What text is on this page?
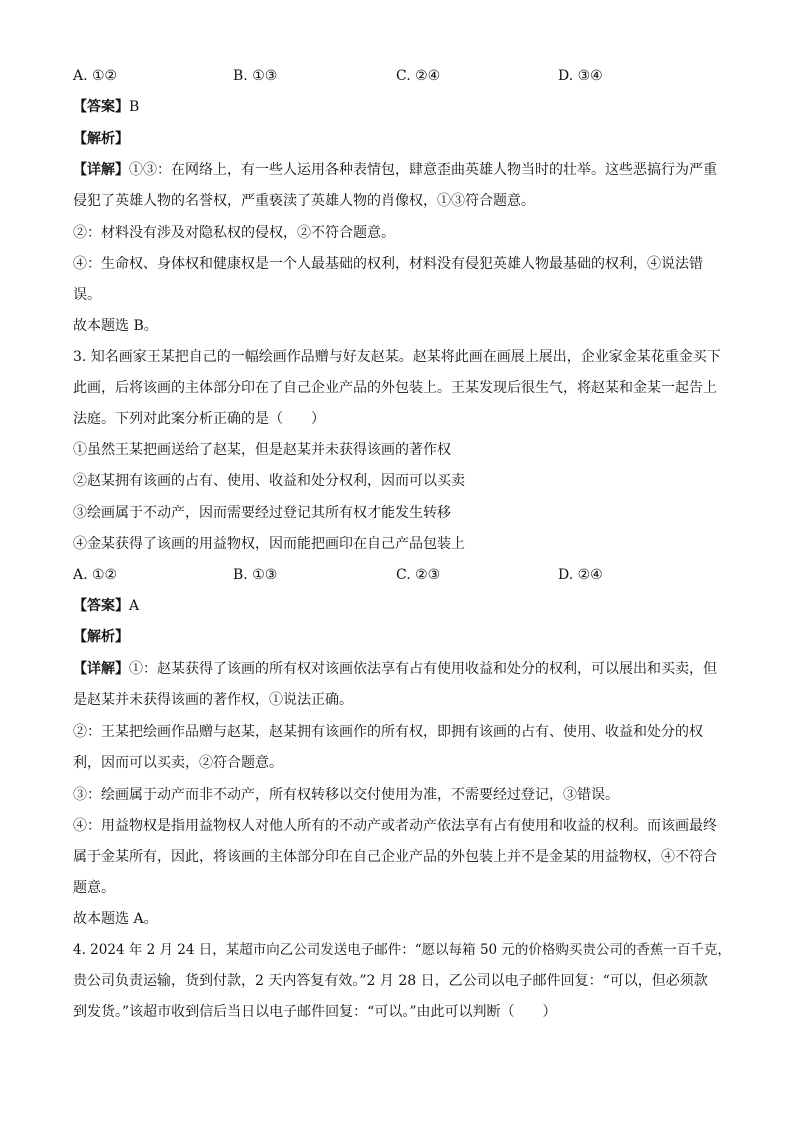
A. ①②	B. ①③	C. ②④	D. ③④
【答案】B
【解析】
【详解】①③：在网络上，有一些人运用各种表情包，肆意歪曲英雄人物当时的壮举。这些恶搞行为严重
侵犯了英雄人物的名誉权，严重亵渎了英雄人物的肖像权，①③符合题意。
②：材料没有涉及对隐私权的侵权，②不符合题意。
④：生命权、身体权和健康权是一个人最基础的权利，材料没有侵犯英雄人物最基础的权利，④说法错
误。
故本题选 B。
3. 知名画家王某把自己的一幅绘画作品赠与好友赵某。赵某将此画在画展上展出，企业家金某花重金买下
此画，后将该画的主体部分印在了自己企业产品的外包装上。王某发现后很生气，将赵某和金某一起告上
法庭。下列对此案分析正确的是（　　）
①虽然王某把画送给了赵某，但是赵某并未获得该画的著作权
②赵某拥有该画的占有、使用、收益和处分权利，因而可以买卖
③绘画属于不动产，因而需要经过登记其所有权才能发生转移
④金某获得了该画的用益物权，因而能把画印在自己产品包装上
A. ①②	B. ①③	C. ②③	D. ②④
【答案】A
【解析】
【详解】①：赵某获得了该画的所有权对该画依法享有占有使用收益和处分的权利，可以展出和买卖，但
是赵某并未获得该画的著作权，①说法正确。
②：王某把绘画作品赠与赵某，赵某拥有该画作的所有权，即拥有该画的占有、使用、收益和处分的权
利，因而可以买卖，②符合题意。
③：绘画属于动产而非不动产，所有权转移以交付使用为准，不需要经过登记，③错误。
④：用益物权是指用益物权人对他人所有的不动产或者动产依法享有占有使用和收益的权利。而该画最终
属于金某所有，因此，将该画的主体部分印在自己企业产品的外包装上并不是金某的用益物权，④不符合
题意。
故本题选 A。
4. 2024 年 2 月 24 日，某超市向乙公司发送电子邮件：“愿以每箱 50 元的价格购买贵公司的香蕉一百千克，
贵公司负责运输，货到付款，2 天内答复有效。”2 月 28 日，乙公司以电子邮件回复：“可以，但必须款
到发货。”该超市收到信后当日以电子邮件回复：“可以。”由此可以判断（　　）
